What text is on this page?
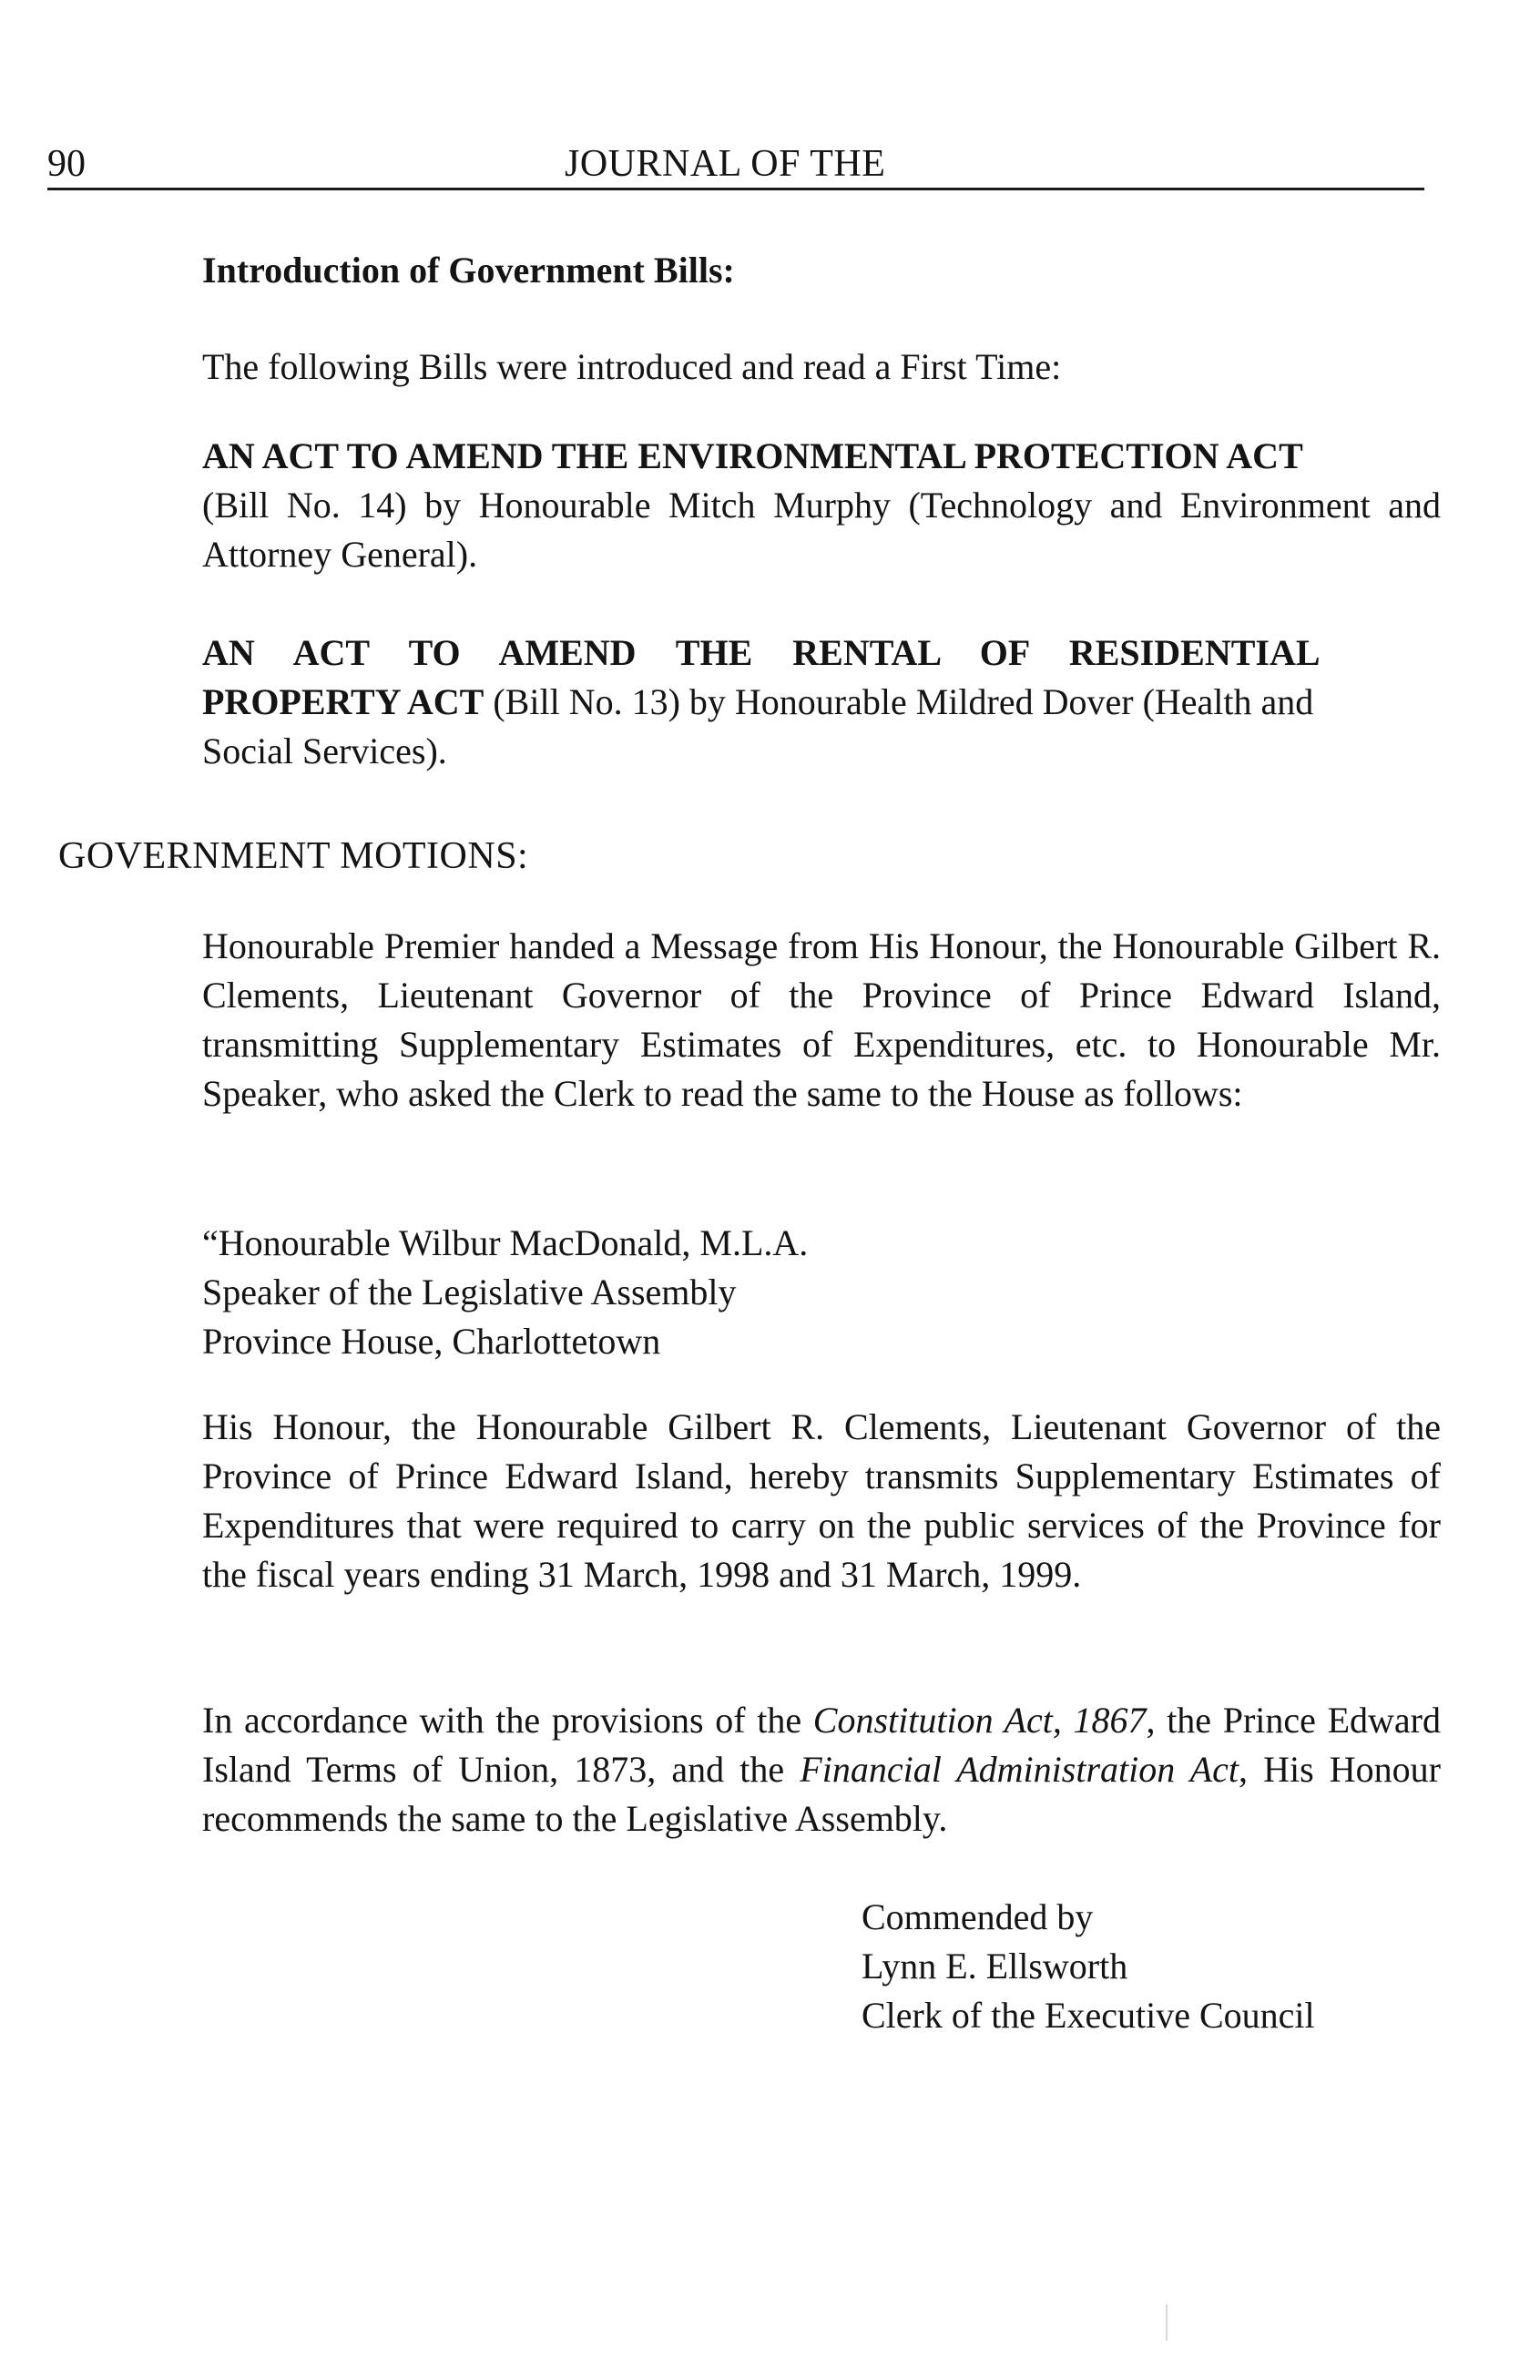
90	JOURNAL OF THE
Introduction of Government Bills:
The following Bills were introduced and read a First Time:
AN ACT TO AMEND THE ENVIRONMENTAL PROTECTION ACT
(Bill No. 14) by Honourable Mitch Murphy (Technology and Environment and Attorney General).
AN ACT TO AMEND THE RENTAL OF RESIDENTIAL
PROPERTY ACT (Bill No. 13) by Honourable Mildred Dover (Health and
Social Services).
GOVERNMENT MOTIONS:
Honourable Premier handed a Message from His Honour, the Honourable Gilbert R. Clements, Lieutenant Governor of the Province of Prince Edward Island, transmitting Supplementary Estimates of Expenditures, etc. to Honourable Mr. Speaker, who asked the Clerk to read the same to the House as follows:
“Honourable Wilbur MacDonald, M.L.A.
Speaker of the Legislative Assembly
Province House, Charlottetown
His Honour, the Honourable Gilbert R. Clements, Lieutenant Governor of the Province of Prince Edward Island, hereby transmits Supplementary Estimates of Expenditures that were required to carry on the public services of the Province for the fiscal years ending 31 March, 1998 and 31 March, 1999.
In accordance with the provisions of the Constitution Act, 1867, the Prince Edward Island Terms of Union, 1873, and the Financial Administration Act, His Honour recommends the same to the Legislative Assembly.
Commended by
Lynn E. Ellsworth
Clerk of the Executive Council
